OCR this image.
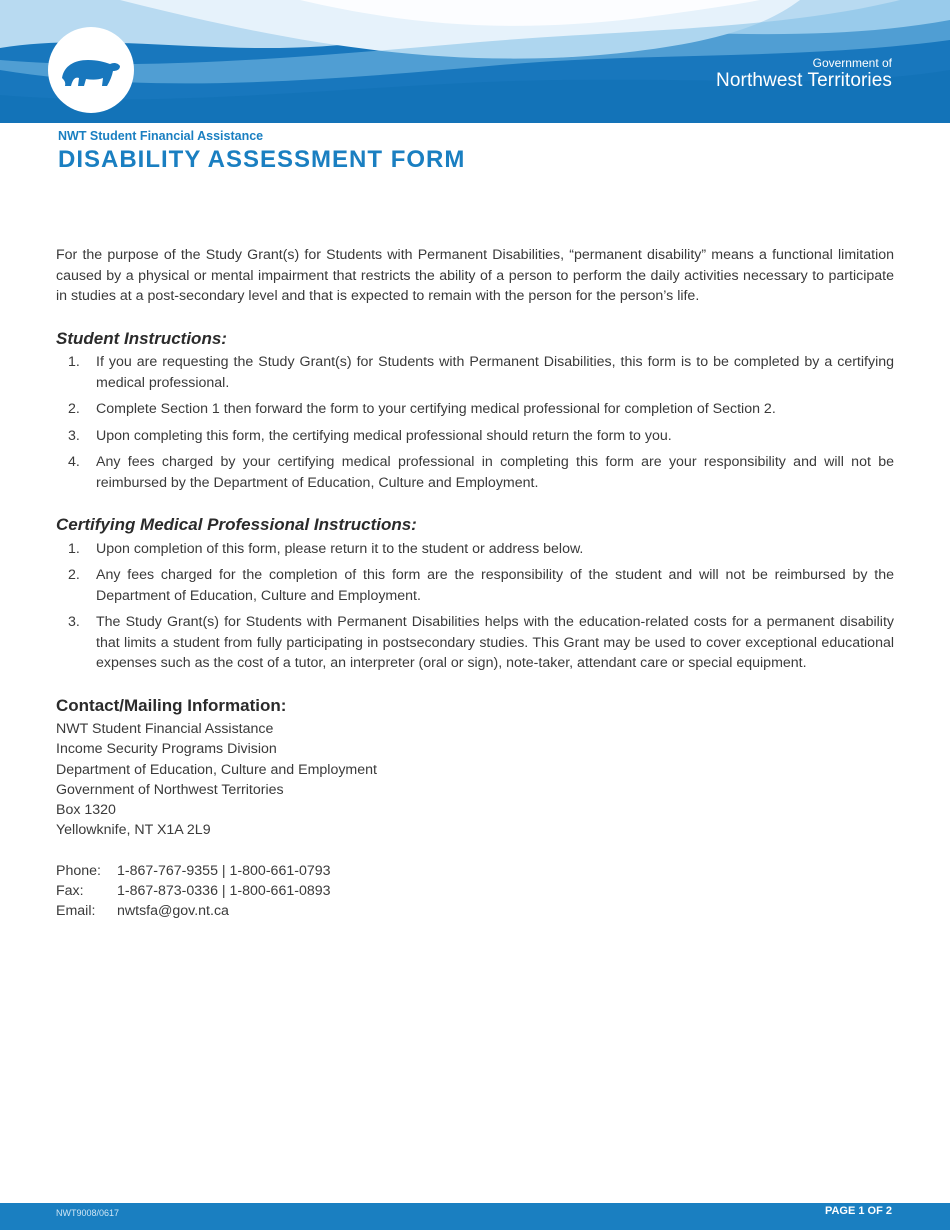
Government of
Northwest Territories
NWT Student Financial Assistance
DISABILITY ASSESSMENT FORM

For the purpose of the Study Grant(s) for Students with Permanent Disabilities, “permanent disability” means a functional limitation caused by a physical or mental impairment that restricts the ability of a person to perform the daily activities necessary to participate in studies at a post-secondary level and that is expected to remain with the person for the person’s life.

Student Instructions:
1. If you are requesting the Study Grant(s) for Students with Permanent Disabilities, this form is to be completed by a certifying medical professional.
2. Complete Section 1 then forward the form to your certifying medical professional for completion of Section 2.
3. Upon completing this form, the certifying medical professional should return the form to you.
4. Any fees charged by your certifying medical professional in completing this form are your responsibility and will not be reimbursed by the Department of Education, Culture and Employment.
Certifying Medical Professional Instructions:
1. Upon completion of this form, please return it to the student or address below.
2. Any fees charged for the completion of this form are the responsibility of the student and will not be reimbursed by the Department of Education, Culture and Employment.
3. The Study Grant(s) for Students with Permanent Disabilities helps with the education-related costs for a permanent disability that limits a student from fully participating in postsecondary studies. This Grant may be used to cover exceptional educational expenses such as the cost of a tutor, an interpreter (oral or sign), note-taker, attendant care or special equipment.
Contact/Mailing Information:
NWT Student Financial Assistance
Income Security Programs Division
Department of Education, Culture and Employment
Government of Northwest Territories
Box 1320
Yellowknife, NT X1A 2L9
Phone:	1-867-767-9355 | 1-800-661-0793
Fax:	1-867-873-0336 | 1-800-661-0893
Email:	nwtsfa@gov.nt.ca
NWT9008/0617	PAGE 1 OF 2
